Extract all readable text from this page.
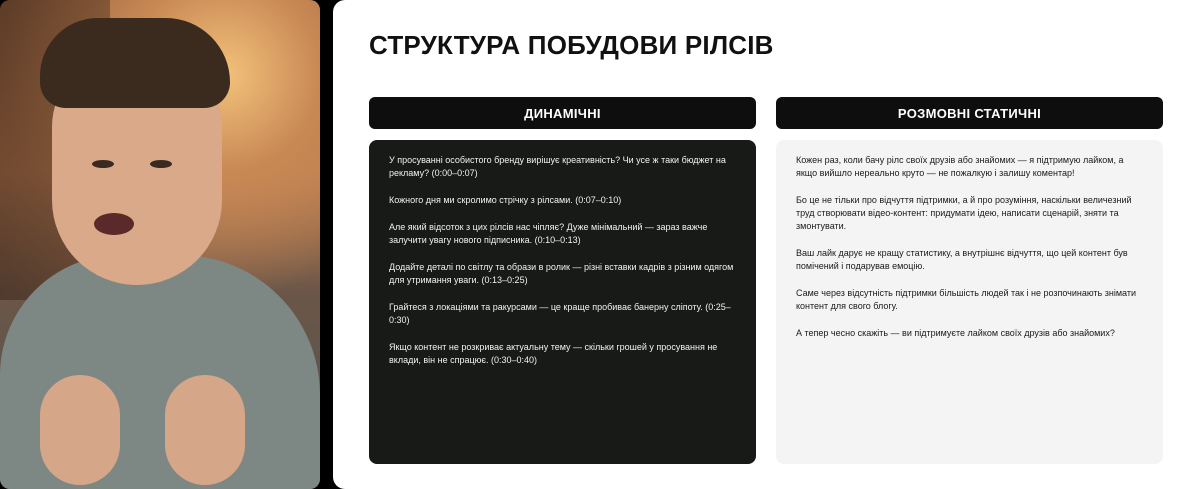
СТРУКТУРА ПОБУДОВИ РІЛСІВ
ДИНАМІЧНІ	РОЗМОВНІ СТАТИЧНІ

У просуванні особистого бренду вирішує креативність? Чи усе ж таки бюджет на рекламу? (0:00–0:07)

Кожного дня ми скролимо стрічку з рілсами. (0:07–0:10)

Але який відсоток з цих рілсів нас чіпляє? Дуже мінімальний — зараз важче залучити увагу нового підписника. (0:10–0:13)

Додайте деталі по світлу та образи в ролик — різні вставки кадрів з різним одягом для утримання уваги. (0:13–0:25)

Грайтеся з локаціями та ракурсами — це краще пробиває банерну сліпоту. (0:25–0:30)

Якщо контент не розкриває актуальну тему — скільки грошей у просування не вклади, він не спрацює. (0:30–0:40)

Кожен раз, коли бачу рілс своїх друзів або знайомих — я підтримую лайком, а якщо вийшло нереально круто — не пожалкую і залишу коментар!

Бо це не тільки про відчуття підтримки, а й про розуміння, наскільки величезний труд створювати відео-контент: придумати ідею, написати сценарій, зняти та змонтувати.

Ваш лайк дарує не кращу статистику, а внутрішнє відчуття, що цей контент був помічений і подарував емоцію.

Саме через відсутність підтримки більшість людей так і не розпочинають знімати контент для свого блогу.

А тепер чесно скажіть — ви підтримуєте лайком своїх друзів або знайомих?
